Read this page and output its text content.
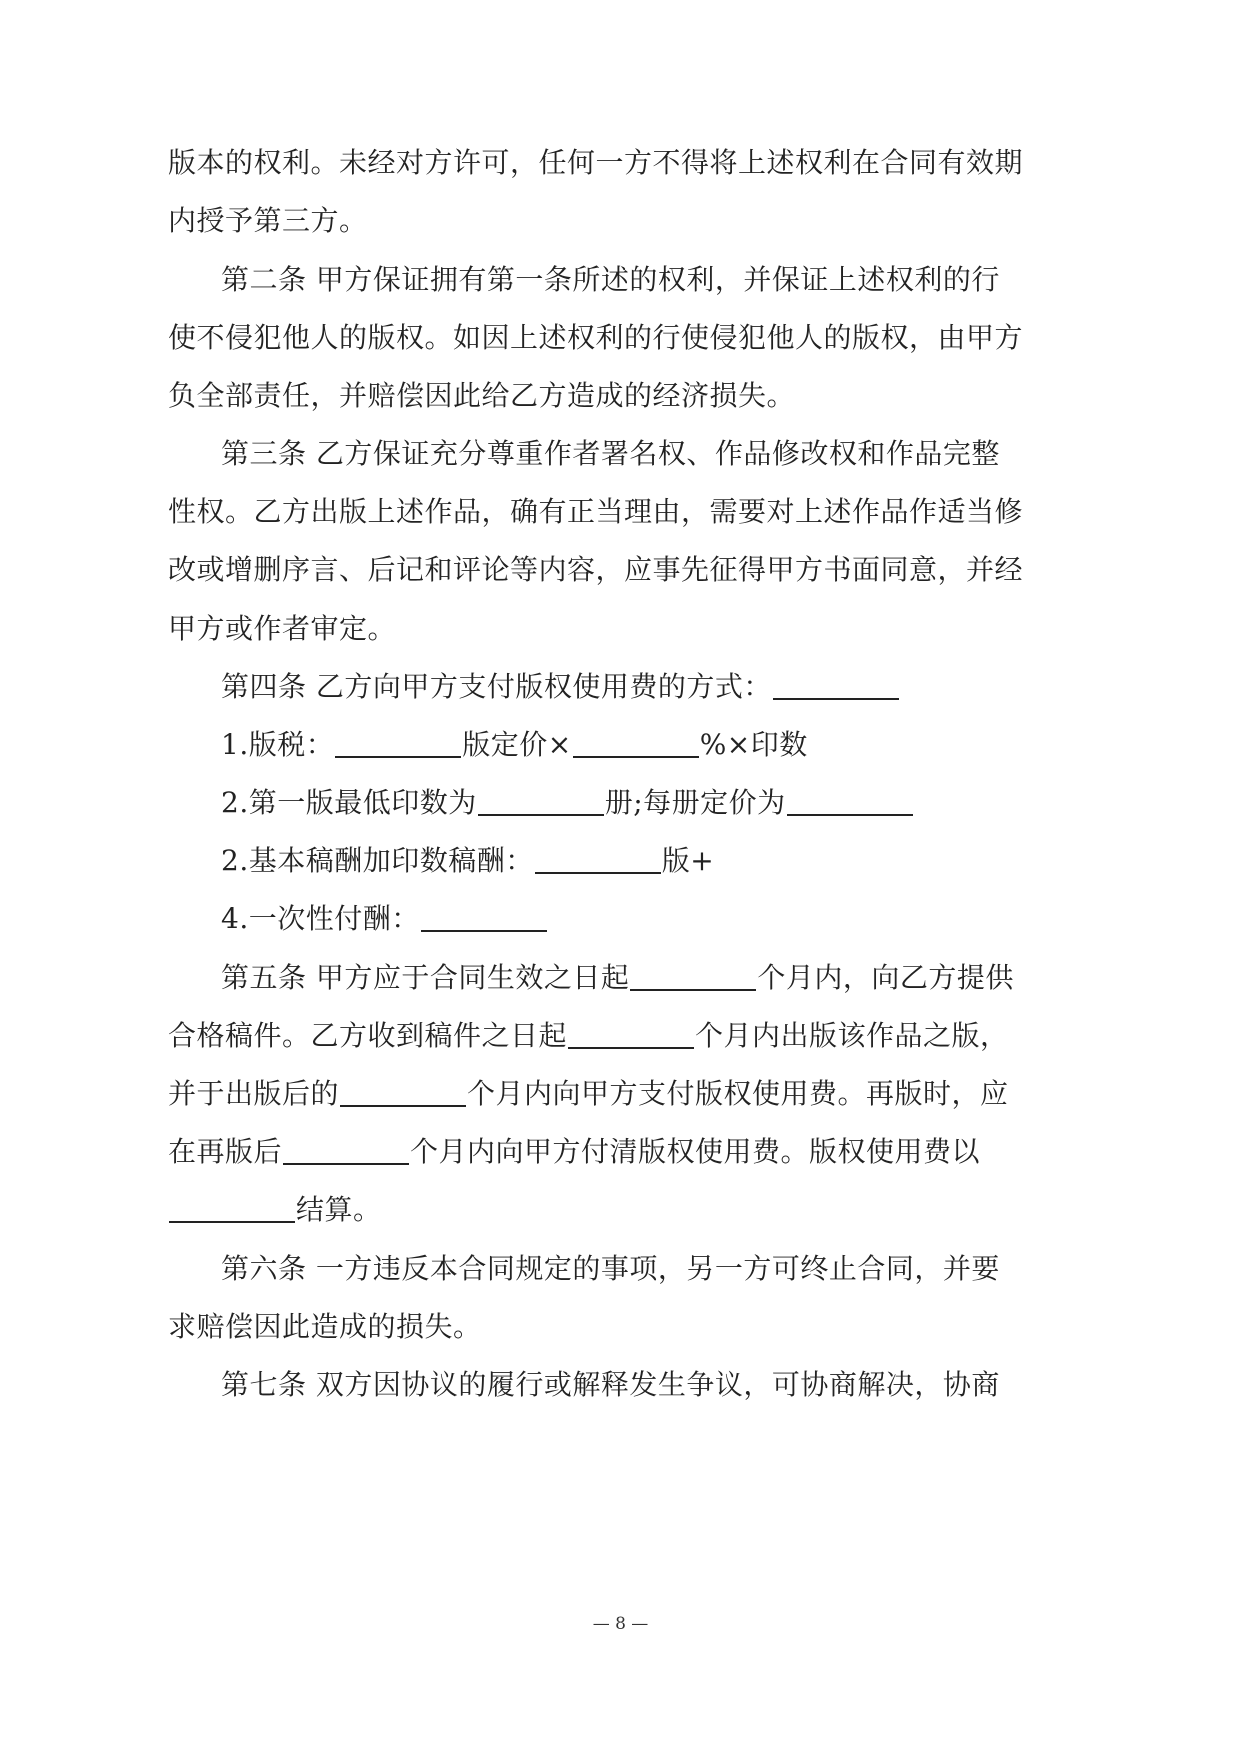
版本的权利。未经对方许可，任何一方不得将上述权利在合同有效期
内授予第三方。
第二条 甲方保证拥有第一条所述的权利，并保证上述权利的行
使不侵犯他人的版权。如因上述权利的行使侵犯他人的版权，由甲方
负全部责任，并赔偿因此给乙方造成的经济损失。
第三条 乙方保证充分尊重作者署名权、作品修改权和作品完整
性权。乙方出版上述作品，确有正当理由，需要对上述作品作适当修
改或增删序言、后记和评论等内容，应事先征得甲方书面同意，并经
甲方或作者审定。
第四条 乙方向甲方支付版权使用费的方式：
1.版税：	版定价×	%×印数
2.第一版最低印数为	册;每册定价为
2.基本稿酬加印数稿酬：	版+
4.一次性付酬：
第五条 甲方应于合同生效之日起	个月内，向乙方提供
合格稿件。乙方收到稿件之日起	个月内出版该作品之版，
并于出版后的	个月内向甲方支付版权使用费。再版时，应
在再版后	个月内向甲方付清版权使用费。版权使用费以
结算。
第六条 一方违反本合同规定的事项，另一方可终止合同，并要
求赔偿因此造成的损失。
第七条 双方因协议的履行或解释发生争议，可协商解决，协商
— 8 —
